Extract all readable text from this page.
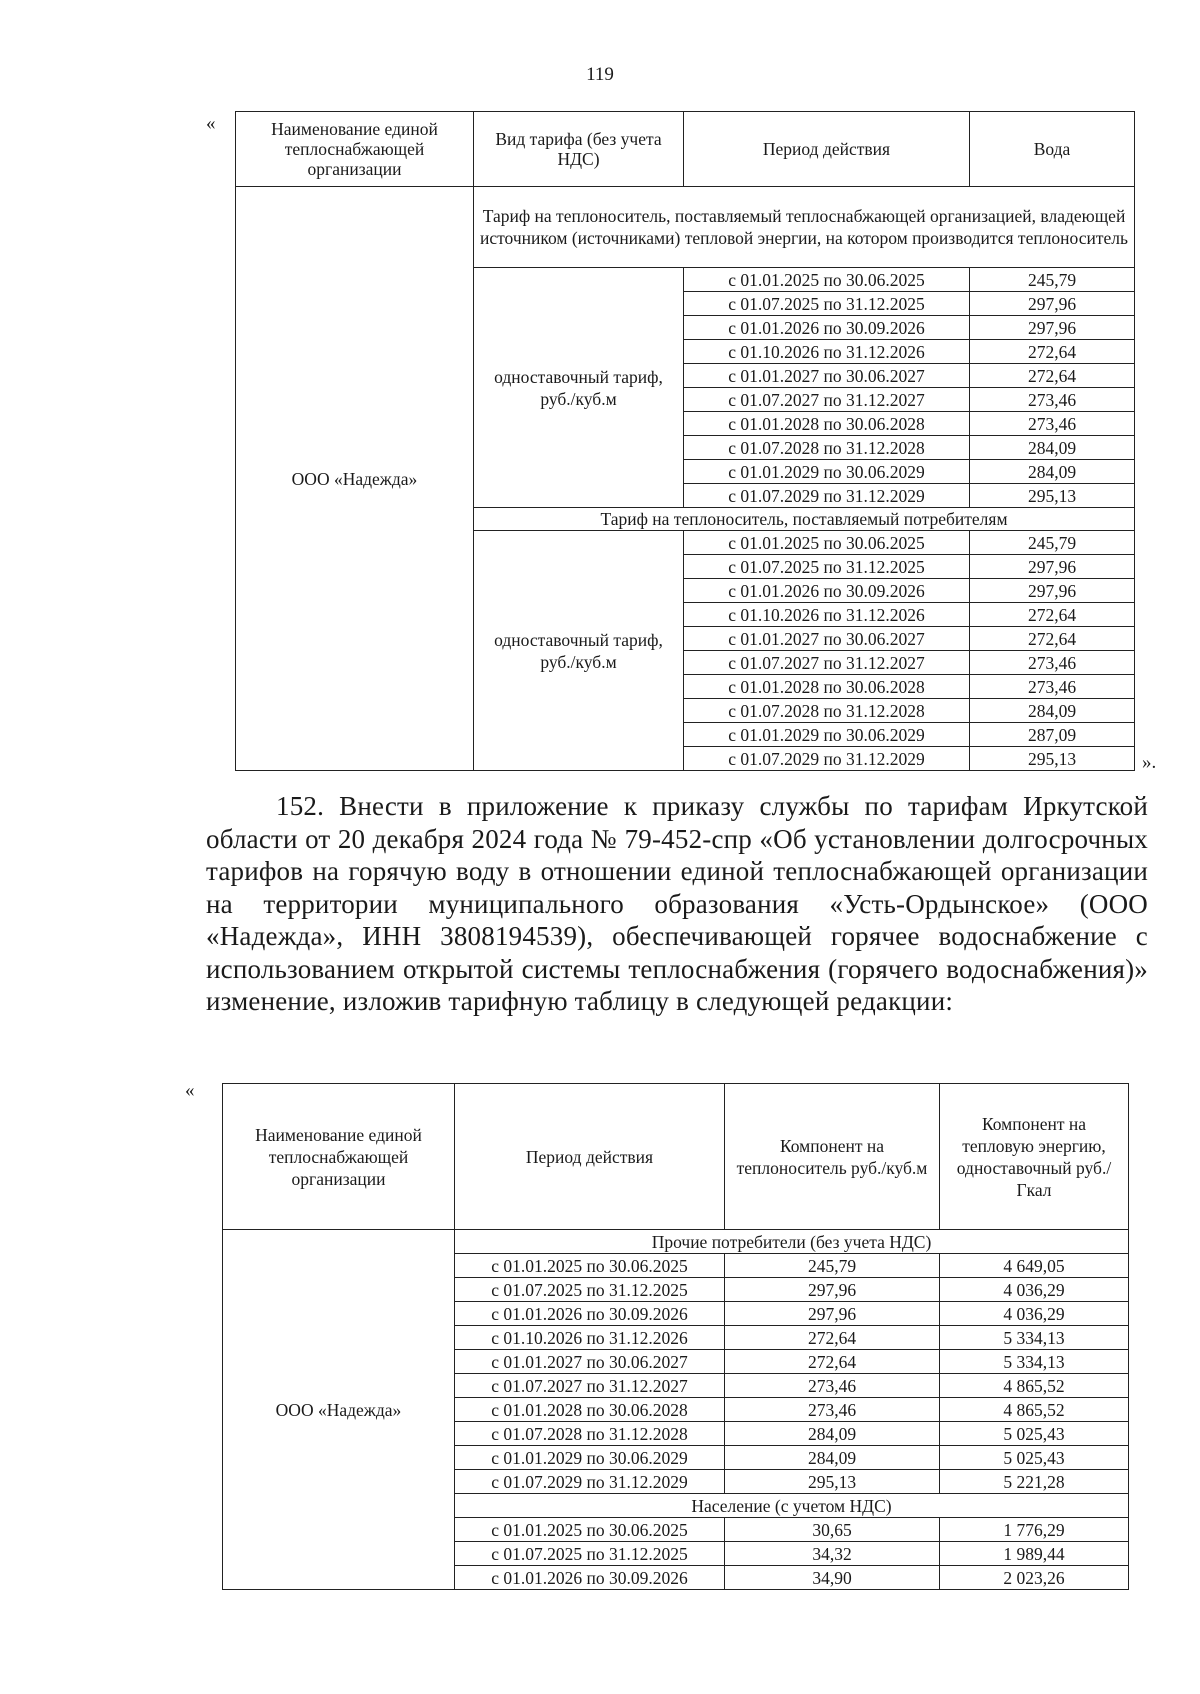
119
«	Наименование единой теплоснабжающей организации	Вид тарифа (без учета НДС)	Период действия	Вода
ООО «Надежда»	Тариф на теплоноситель, поставляемый теплоснабжающей организацией, владеющей источником (источниками) тепловой энергии, на котором производится теплоноситель		
	одноставочный тариф, руб./куб.м	с 01.01.2025 по 30.06.2025	245,79
		с 01.07.2025 по 31.12.2025	297,96
		с 01.01.2026 по 30.09.2026	297,96
		с 01.10.2026 по 31.12.2026	272,64
		с 01.01.2027 по 30.06.2027	272,64
		с 01.07.2027 по 31.12.2027	273,46
		с 01.01.2028 по 30.06.2028	273,46
		с 01.07.2028 по 31.12.2028	284,09
		с 01.01.2029 по 30.06.2029	284,09
		с 01.07.2029 по 31.12.2029	295,13
	Тариф на теплоноситель, поставляемый потребителям		
	одноставочный тариф, руб./куб.м	с 01.01.2025 по 30.06.2025	245,79
		с 01.07.2025 по 31.12.2025	297,96
		с 01.01.2026 по 30.09.2026	297,96
		с 01.10.2026 по 31.12.2026	272,64
		с 01.01.2027 по 30.06.2027	272,64
		с 01.07.2027 по 31.12.2027	273,46
		с 01.01.2028 по 30.06.2028	273,46
		с 01.07.2028 по 31.12.2028	284,09
		с 01.01.2029 по 30.06.2029	287,09
		с 01.07.2029 по 31.12.2029	295,13	».
152. Внести в приложение к приказу службы по тарифам Иркутской области от 20 декабря 2024 года № 79-452-спр «Об установлении долгосрочных тарифов на горячую воду в отношении единой теплоснабжающей организации на территории муниципального образования «Усть-Ордынское» (ООО «Надежда», ИНН 3808194539), обеспечивающей горячее водоснабжение с использованием открытой системы теплоснабжения (горячего водоснабжения)» изменение, изложив тарифную таблицу в следующей редакции:
«
Наименование единой теплоснабжающей организации	Период действия	Компонент на теплоноситель руб./куб.м	Компонент на тепловую энергию, одноставочный руб./Гкал
ООО «Надежда»	Прочие потребители (без учета НДС)		
	с 01.01.2025 по 30.06.2025	245,79	4 649,05
	с 01.07.2025 по 31.12.2025	297,96	4 036,29
	с 01.01.2026 по 30.09.2026	297,96	4 036,29
	с 01.10.2026 по 31.12.2026	272,64	5 334,13
	с 01.01.2027 по 30.06.2027	272,64	5 334,13
	с 01.07.2027 по 31.12.2027	273,46	4 865,52
	с 01.01.2028 по 30.06.2028	273,46	4 865,52
	с 01.07.2028 по 31.12.2028	284,09	5 025,43
	с 01.01.2029 по 30.06.2029	284,09	5 025,43
	с 01.07.2029 по 31.12.2029	295,13	5 221,28
	Население (с учетом НДС)		
	с 01.01.2025 по 30.06.2025	30,65	1 776,29
	с 01.07.2025 по 31.12.2025	34,32	1 989,44
	с 01.01.2026 по 30.09.2026	34,90	2 023,26
